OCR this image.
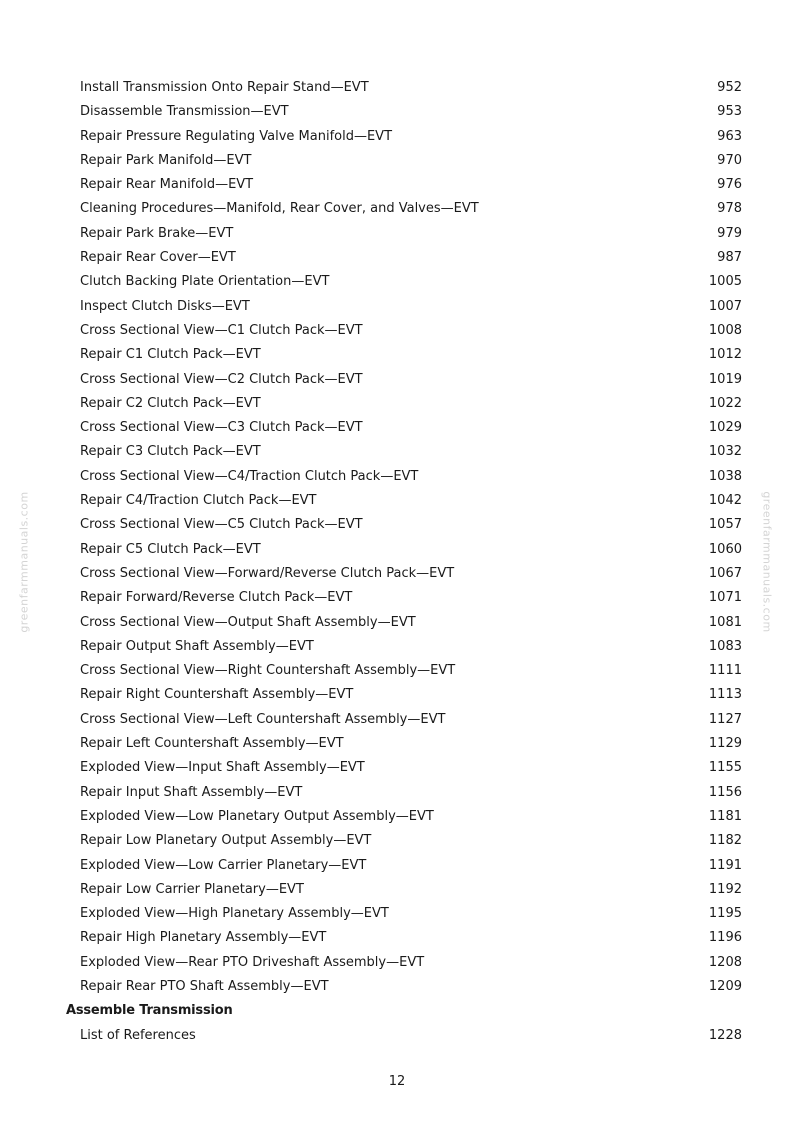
greenfarmmanuals.com	greenfarmmanuals.com
Install Transmission Onto Repair Stand—EVT	952
Disassemble Transmission—EVT	953
Repair Pressure Regulating Valve Manifold—EVT	963
Repair Park Manifold—EVT	970
Repair Rear Manifold—EVT	976
Cleaning Procedures—Manifold, Rear Cover, and Valves—EVT	978
Repair Park Brake—EVT	979
Repair Rear Cover—EVT	987
Clutch Backing Plate Orientation—EVT	1005
Inspect Clutch Disks—EVT	1007
Cross Sectional View—C1 Clutch Pack—EVT	1008
Repair C1 Clutch Pack—EVT	1012
Cross Sectional View—C2 Clutch Pack—EVT	1019
Repair C2 Clutch Pack—EVT	1022
Cross Sectional View—C3 Clutch Pack—EVT	1029
Repair C3 Clutch Pack—EVT	1032
Cross Sectional View—C4/Traction Clutch Pack—EVT	1038
Repair C4/Traction Clutch Pack—EVT	1042
Cross Sectional View—C5 Clutch Pack—EVT	1057
Repair C5 Clutch Pack—EVT	1060
Cross Sectional View—Forward/Reverse Clutch Pack—EVT	1067
Repair Forward/Reverse Clutch Pack—EVT	1071
Cross Sectional View—Output Shaft Assembly—EVT	1081
Repair Output Shaft Assembly—EVT	1083
Cross Sectional View—Right Countershaft Assembly—EVT	1111
Repair Right Countershaft Assembly—EVT	1113
Cross Sectional View—Left Countershaft Assembly—EVT	1127
Repair Left Countershaft Assembly—EVT	1129
Exploded View—Input Shaft Assembly—EVT	1155
Repair Input Shaft Assembly—EVT	1156
Exploded View—Low Planetary Output Assembly—EVT	1181
Repair Low Planetary Output Assembly—EVT	1182
Exploded View—Low Carrier Planetary—EVT	1191
Repair Low Carrier Planetary—EVT	1192
Exploded View—High Planetary Assembly—EVT	1195
Repair High Planetary Assembly—EVT	1196
Exploded View—Rear PTO Driveshaft Assembly—EVT	1208
Repair Rear PTO Shaft Assembly—EVT	1209
Assemble Transmission
List of References	1228
12
